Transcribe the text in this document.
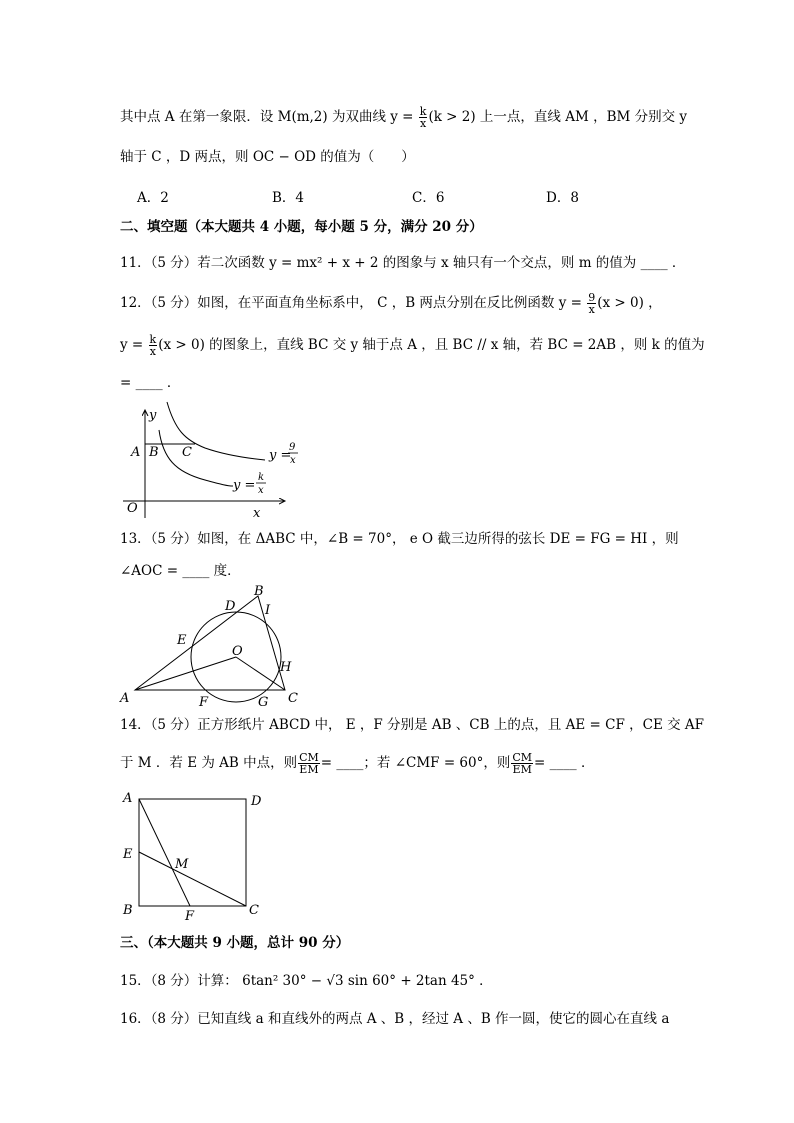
其中点 A 在第一象限．设 M(m,2) 为双曲线 $y = \frac{k}{x} (k > 2)$ 上一点，直线 AM ，BM 分别交 y
轴于 C ，D 两点，则 OC − OD 的值为（　　）
A．2	B．4	C．6	D．8
二、填空题（本大题共 4 小题，每小题 5 分，满分 20 分）
11．（5 分）若二次函数 y = mx² + x + 2 的图象与 x 轴只有一个交点，则 m 的值为 ____ ．
12．（5 分）如图，在平面直角坐标系中， C ，B 两点分别在反比例函数 $y = \frac{9}{x} (x > 0)$ ，
$y = \frac{k}{x} (x > 0)$ 的图象上，直线 BC 交 y 轴于点 A ，且 BC // x 轴，若 BC = 2AB ，则 k 的值为
= ____ ．
y
x
O
A B C	y =
9
x
y =
k
x
13．（5 分）如图，在 ΔABC 中，∠B = 70°， e O 截三边所得的弦长 DE = FG = HI ，则
∠AOC = ____ 度．
A
B
C
D
E
F	G
H
I
O
14．（5 分）正方形纸片 ABCD 中， E ，F 分别是 AB 、CB 上的点，且 AE = CF ，CE 交 AF
于 M ．若 E 为 AB 中点，则 $\frac{CM}{EM}$ = ____；若 ∠CMF = 60°，则 $\frac{CM}{EM}$ = ____ ．
A	D
E
M
B	F	C
三、（本大题共 9 小题，总计 90 分）
15．（8 分）计算： 6tan² 30° − √3 sin 60° + 2tan 45° ．
16．（8 分）已知直线 a 和直线外的两点 A 、B ，经过 A 、B 作一圆，使它的圆心在直线 a
